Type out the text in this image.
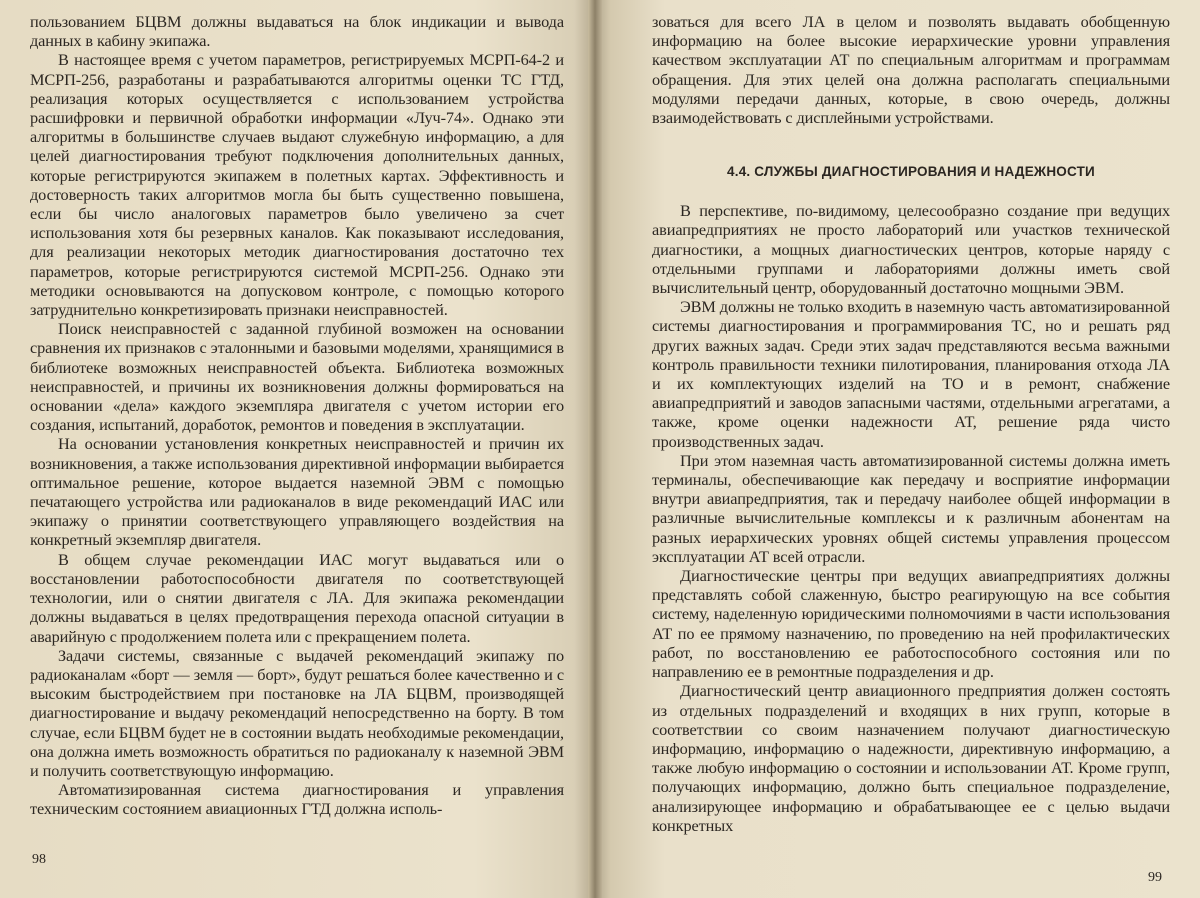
пользованием БЦВМ должны выдаваться на блок индикации и вывода данных в кабину экипажа.

В настоящее время с учетом параметров, регистрируемых МСРП-64-2 и МСРП-256, разработаны и разрабатываются алгоритмы оценки ТС ГТД, реализация которых осуществляется с использованием устройства расшифровки и первичной обработки информации «Луч-74». Однако эти алгоритмы в большинстве случаев выдают служебную информацию, а для целей диагностирования требуют подключения дополнительных данных, которые регистрируются экипажем в полетных картах. Эффективность и достоверность таких алгоритмов могла бы быть существенно повышена, если бы число аналоговых параметров было увеличено за счет использования хотя бы резервных каналов. Как показывают исследования, для реализации некоторых методик диагностирования достаточно тех параметров, которые регистрируются системой МСРП-256. Однако эти методики основываются на допусковом контроле, с помощью которого затруднительно конкретизировать признаки неисправностей.

Поиск неисправностей с заданной глубиной возможен на основании сравнения их признаков с эталонными и базовыми моделями, хранящимися в библиотеке возможных неисправностей объекта. Библиотека возможных неисправностей, и причины их возникновения должны формироваться на основании «дела» каждого экземпляра двигателя с учетом истории его создания, испытаний, доработок, ремонтов и поведения в эксплуатации.

На основании установления конкретных неисправностей и причин их возникновения, а также использования директивной информации выбирается оптимальное решение, которое выдается наземной ЭВМ с помощью печатающего устройства или радиоканалов в виде рекомендаций ИАС или экипажу о принятии соответствующего управляющего воздействия на конкретный экземпляр двигателя.

В общем случае рекомендации ИАС могут выдаваться или о восстановлении работоспособности двигателя по соответствующей технологии, или о снятии двигателя с ЛА. Для экипажа рекомендации должны выдаваться в целях предотвращения перехода опасной ситуации в аварийную с продолжением полета или с прекращением полета.

Задачи системы, связанные с выдачей рекомендаций экипажу по радиоканалам «борт — земля — борт», будут решаться более качественно и с высоким быстродействием при постановке на ЛА БЦВМ, производящей диагностирование и выдачу рекомендаций непосредственно на борту. В том случае, если БЦВМ будет не в состоянии выдать необходимые рекомендации, она должна иметь возможность обратиться по радиоканалу к наземной ЭВМ и получить соответствующую информацию.

Автоматизированная система диагностирования и управления техническим состоянием авиационных ГТД должна исполь-

98

зоваться для всего ЛА в целом и позволять выдавать обобщенную информацию на более высокие иерархические уровни управления качеством эксплуатации АТ по специальным алгоритмам и программам обращения. Для этих целей она должна располагать специальными модулями передачи данных, которые, в свою очередь, должны взаимодействовать с дисплейными устройствами.

4.4. СЛУЖБЫ ДИАГНОСТИРОВАНИЯ И НАДЕЖНОСТИ

В перспективе, по-видимому, целесообразно создание при ведущих авиапредприятиях не просто лабораторий или участков технической диагностики, а мощных диагностических центров, которые наряду с отдельными группами и лабораториями должны иметь свой вычислительный центр, оборудованный достаточно мощными ЭВМ.

ЭВМ должны не только входить в наземную часть автоматизированной системы диагностирования и программирования ТС, но и решать ряд других важных задач. Среди этих задач представляются весьма важными контроль правильности техники пилотирования, планирования отхода ЛА и их комплектующих изделий на ТО и в ремонт, снабжение авиапредприятий и заводов запасными частями, отдельными агрегатами, а также, кроме оценки надежности АТ, решение ряда чисто производственных задач.

При этом наземная часть автоматизированной системы должна иметь терминалы, обеспечивающие как передачу и восприятие информации внутри авиапредприятия, так и передачу наиболее общей информации в различные вычислительные комплексы и к различным абонентам на разных иерархических уровнях общей системы управления процессом эксплуатации АТ всей отрасли.

Диагностические центры при ведущих авиапредприятиях должны представлять собой слаженную, быстро реагирующую на все события систему, наделенную юридическими полномочиями в части использования АТ по ее прямому назначению, по проведению на ней профилактических работ, по восстановлению ее работоспособного состояния или по направлению ее в ремонтные подразделения и др.

Диагностический центр авиационного предприятия должен состоять из отдельных подразделений и входящих в них групп, которые в соответствии со своим назначением получают диагностическую информацию, информацию о надежности, директивную информацию, а также любую информацию о состоянии и использовании АТ. Кроме групп, получающих информацию, должно быть специальное подразделение, анализирующее информацию и обрабатывающее ее с целью выдачи конкретных

99
